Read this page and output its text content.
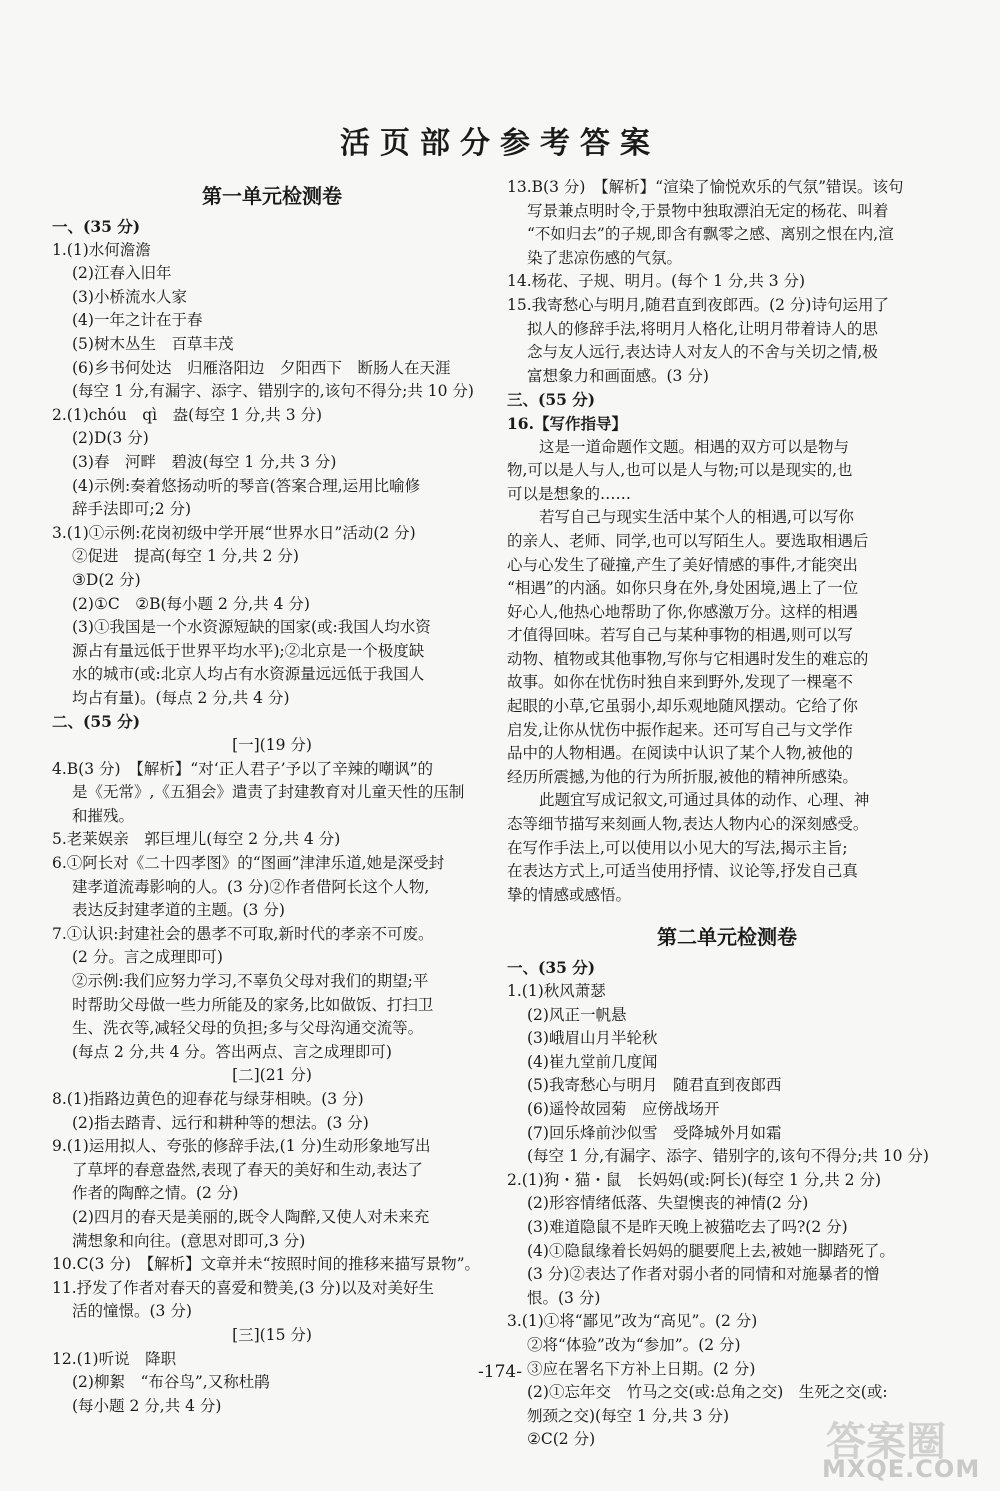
活页部分参考答案
第一单元检测卷
一、(35 分)
1.(1)水何澹澹
(2)江春入旧年
(3)小桥流水人家
(4)一年之计在于春
(5)树木丛生　百草丰茂
(6)乡书何处达　归雁洛阳边　夕阳西下　断肠人在天涯
(每空 1 分,有漏字、添字、错别字的,该句不得分;共 10 分)
2.(1)chóu　qì　盎(每空 1 分,共 3 分)
(2)D(3 分)
(3)春　河畔　碧波(每空 1 分,共 3 分)
(4)示例:奏着悠扬动听的琴音(答案合理,运用比喻修
辞手法即可;2 分)
3.(1)①示例:花岗初级中学开展“世界水日”活动(2 分)
②促进　提高(每空 1 分,共 2 分)
③D(2 分)
(2)①C　②B(每小题 2 分,共 4 分)
(3)①我国是一个水资源短缺的国家(或:我国人均水资
源占有量远低于世界平均水平);②北京是一个极度缺
水的城市(或:北京人均占有水资源量远远低于我国人
均占有量)。(每点 2 分,共 4 分)
二、(55 分)
[一](19 分)
4.B(3 分)　【解析】“对‘正人君子’予以了辛辣的嘲讽”的
是《无常》,《五猖会》遣责了封建教育对儿童天性的压制
和摧残。
5.老莱娱亲　郭巨埋儿(每空 2 分,共 4 分)
6.①阿长对《二十四孝图》的“图画”津津乐道,她是深受封
建孝道流毒影响的人。(3 分)②作者借阿长这个人物,
表达反封建孝道的主题。(3 分)
7.①认识:封建社会的愚孝不可取,新时代的孝亲不可废。
(2 分。言之成理即可)
②示例:我们应努力学习,不辜负父母对我们的期望;平
时帮助父母做一些力所能及的家务,比如做饭、打扫卫
生、洗衣等,减轻父母的负担;多与父母沟通交流等。
(每点 2 分,共 4 分。答出两点、言之成理即可)
[二](21 分)
8.(1)指路边黄色的迎春花与绿芽相映。(3 分)
(2)指去踏青、远行和耕种等的想法。(3 分)
9.(1)运用拟人、夸张的修辞手法,(1 分)生动形象地写出
了草坪的春意盎然,表现了春天的美好和生动,表达了
作者的陶醉之情。(2 分)
(2)四月的春天是美丽的,既令人陶醉,又使人对未来充
满想象和向往。(意思对即可,3 分)
10.C(3 分)　【解析】文章并未“按照时间的推移来描写景物”。
11.抒发了作者对春天的喜爱和赞美,(3 分)以及对美好生
活的憧憬。(3 分)
[三](15 分)
12.(1)听说　降职
(2)柳絮　“布谷鸟”,又称杜鹃
(每小题 2 分,共 4 分)
13.B(3 分)　【解析】“渲染了愉悦欢乐的气氛”错误。该句
写景兼点明时令,于景物中独取漂泊无定的杨花、叫着
“不如归去”的子规,即含有飘零之感、离别之恨在内,渲
染了悲凉伤感的气氛。
14.杨花、子规、明月。(每个 1 分,共 3 分)
15.我寄愁心与明月,随君直到夜郎西。(2 分)诗句运用了
拟人的修辞手法,将明月人格化,让明月带着诗人的思
念与友人远行,表达诗人对友人的不舍与关切之情,极
富想象力和画面感。(3 分)
三、(55 分)
16.【写作指导】
这是一道命题作文题。相遇的双方可以是物与
物,可以是人与人,也可以是人与物;可以是现实的,也
可以是想象的……
若写自己与现实生活中某个人的相遇,可以写你
的亲人、老师、同学,也可以写陌生人。要选取相遇后
心与心发生了碰撞,产生了美好情感的事件,才能突出
“相遇”的内涵。如你只身在外,身处困境,遇上了一位
好心人,他热心地帮助了你,你感激万分。这样的相遇
才值得回味。若写自己与某种事物的相遇,则可以写
动物、植物或其他事物,写你与它相遇时发生的难忘的
故事。如你在忧伤时独自来到野外,发现了一棵毫不
起眼的小草,它虽弱小,却乐观地随风摆动。它给了你
启发,让你从忧伤中振作起来。还可写自己与文学作
品中的人物相遇。在阅读中认识了某个人物,被他的
经历所震撼,为他的行为所折服,被他的精神所感染。
此题宜写成记叙文,可通过具体的动作、心理、神
态等细节描写来刻画人物,表达人物内心的深刻感受。
在写作手法上,可以使用以小见大的写法,揭示主旨;
在表达方式上,可适当使用抒情、议论等,抒发自己真
挚的情感或感悟。
第二单元检测卷
一、(35 分)
1.(1)秋风萧瑟
(2)风正一帆悬
(3)峨眉山月半轮秋
(4)崔九堂前几度闻
(5)我寄愁心与明月　随君直到夜郎西
(6)遥怜故园菊　应傍战场开
(7)回乐烽前沙似雪　受降城外月如霜
(每空 1 分,有漏字、添字、错别字的,该句不得分;共 10 分)
2.(1)狗・猫・鼠　长妈妈(或:阿长)(每空 1 分,共 2 分)
(2)形容情绪低落、失望懊丧的神情(2 分)
(3)难道隐鼠不是昨天晚上被猫吃去了吗?(2 分)
(4)①隐鼠缘着长妈妈的腿要爬上去,被她一脚踏死了。
(3 分)②表达了作者对弱小者的同情和对施暴者的憎
恨。(3 分)
3.(1)①将“鄙见”改为“高见”。(2 分)
②将“体验”改为“参加”。(2 分)
③应在署名下方补上日期。(2 分)
(2)①忘年交　竹马之交(或:总角之交)　生死之交(或:
刎颈之交)(每空 1 分,共 3 分)
②C(2 分)
-174-
答案圈
MXQE.COM
